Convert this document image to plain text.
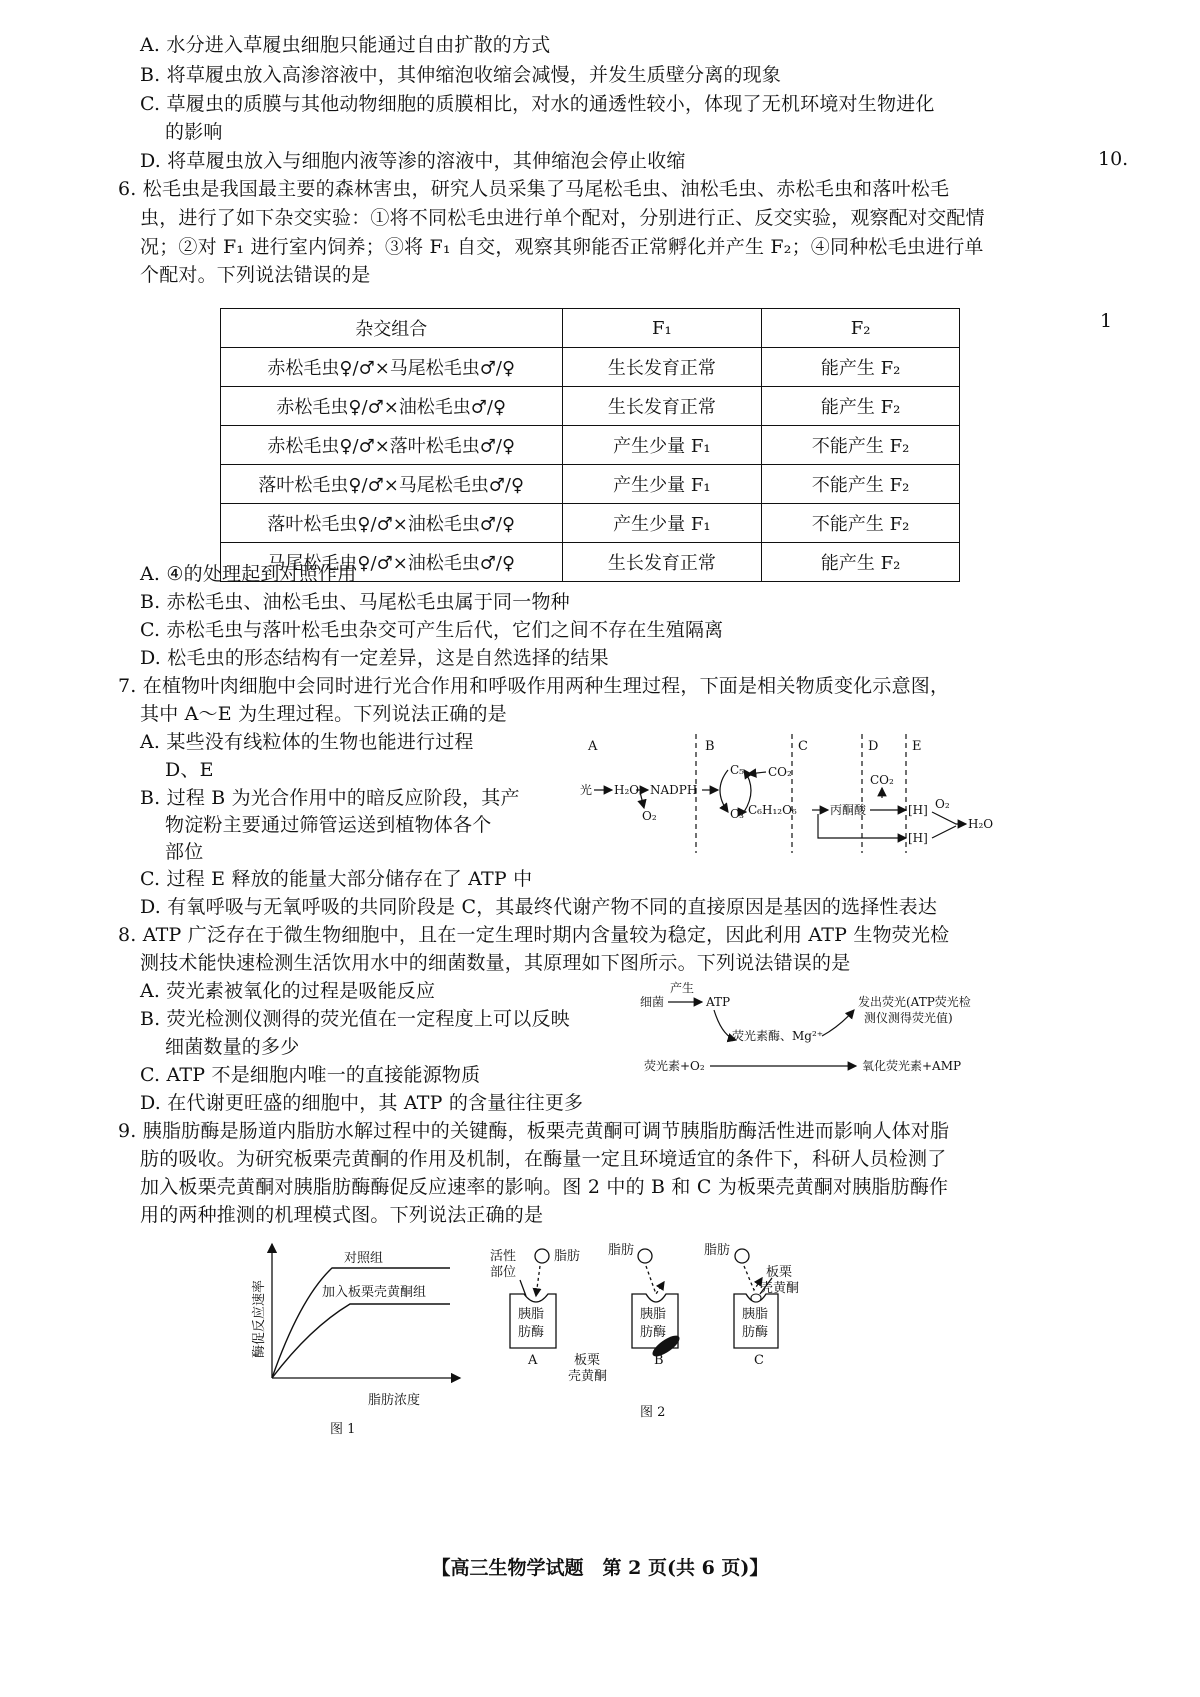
A. 水分进入草履虫细胞只能通过自由扩散的方式
B. 将草履虫放入高渗溶液中，其伸缩泡收缩会减慢，并发生质壁分离的现象
C. 草履虫的质膜与其他动物细胞的质膜相比，对水的通透性较小，体现了无机环境对生物进化
的影响
D. 将草履虫放入与细胞内液等渗的溶液中，其伸缩泡会停止收缩	10.
1
6. 松毛虫是我国最主要的森林害虫，研究人员采集了马尾松毛虫、油松毛虫、赤松毛虫和落叶松毛
虫，进行了如下杂交实验：①将不同松毛虫进行单个配对，分别进行正、反交实验，观察配对交配情
况；②对 F₁ 进行室内饲养；③将 F₁ 自交，观察其卵能否正常孵化并产生 F₂；④同种松毛虫进行单
个配对。下列说法错误的是
杂交组合	F₁	F₂
赤松毛虫♀/♂×马尾松毛虫♂/♀	生长发育正常	能产生 F₂
赤松毛虫♀/♂×油松毛虫♂/♀	生长发育正常	能产生 F₂
赤松毛虫♀/♂×落叶松毛虫♂/♀	产生少量 F₁	不能产生 F₂
落叶松毛虫♀/♂×马尾松毛虫♂/♀	产生少量 F₁	不能产生 F₂
落叶松毛虫♀/♂×油松毛虫♂/♀	产生少量 F₁	不能产生 F₂
马尾松毛虫♀/♂×油松毛虫♂/♀	生长发育正常	能产生 F₂
A. ④的处理起到对照作用
B. 赤松毛虫、油松毛虫、马尾松毛虫属于同一物种
C. 赤松毛虫与落叶松毛虫杂交可产生后代，它们之间不存在生殖隔离
D. 松毛虫的形态结构有一定差异，这是自然选择的结果
7. 在植物叶肉细胞中会同时进行光合作用和呼吸作用两种生理过程，下面是相关物质变化示意图，
其中 A～E 为生理过程。下列说法正确的是
A. 某些没有线粒体的生物也能进行过程
D、E
B. 过程 B 为光合作用中的暗反应阶段，其产
物淀粉主要通过筛管运送到植物体各个
部位
C. 过程 E 释放的能量大部分储存在了 ATP 中
D. 有氧呼吸与无氧呼吸的共同阶段是 C，其最终代谢产物不同的直接原因是基因的选择性表达
A	B	C	D	E
光 H₂O NADPH
O₂
C₅
C₃
CO₂
C₆H₁₂O₆	丙酮酸
CO₂
[H]
[H]
O₂
H₂O
8. ATP 广泛存在于微生物细胞中，且在一定生理时期内含量较为稳定，因此利用 ATP 生物荧光检
测技术能快速检测生活饮用水中的细菌数量，其原理如下图所示。下列说法错误的是
A. 荧光素被氧化的过程是吸能反应
B. 荧光检测仪测得的荧光值在一定程度上可以反映
细菌数量的多少
C. ATP 不是细胞内唯一的直接能源物质
D. 在代谢更旺盛的细胞中，其 ATP 的含量往往更多
细菌
产生
ATP	发出荧光(ATP荧光检
测仪测得荧光值)
荧光素酶、Mg²⁺
荧光素+O₂	氧化荧光素+AMP
9. 胰脂肪酶是肠道内脂肪水解过程中的关键酶，板栗壳黄酮可调节胰脂肪酶活性进而影响人体对脂
肪的吸收。为研究板栗壳黄酮的作用及机制，在酶量一定且环境适宜的条件下，科研人员检测了
加入板栗壳黄酮对胰脂肪酶酶促反应速率的影响。图 2 中的 B 和 C 为板栗壳黄酮对胰脂肪酶作
用的两种推测的机理模式图。下列说法正确的是
对照组
加入板栗壳黄酮组
脂肪浓度
图 1
酶促反应速率
活性
部位
脂肪 脂肪	脂肪
板栗
壳黄酮
板栗
壳黄酮
A	B	C
图 2
胰脂
肪酶
胰脂
肪酶
胰脂
肪酶
【高三生物学试题　第 2 页(共 6 页)】
